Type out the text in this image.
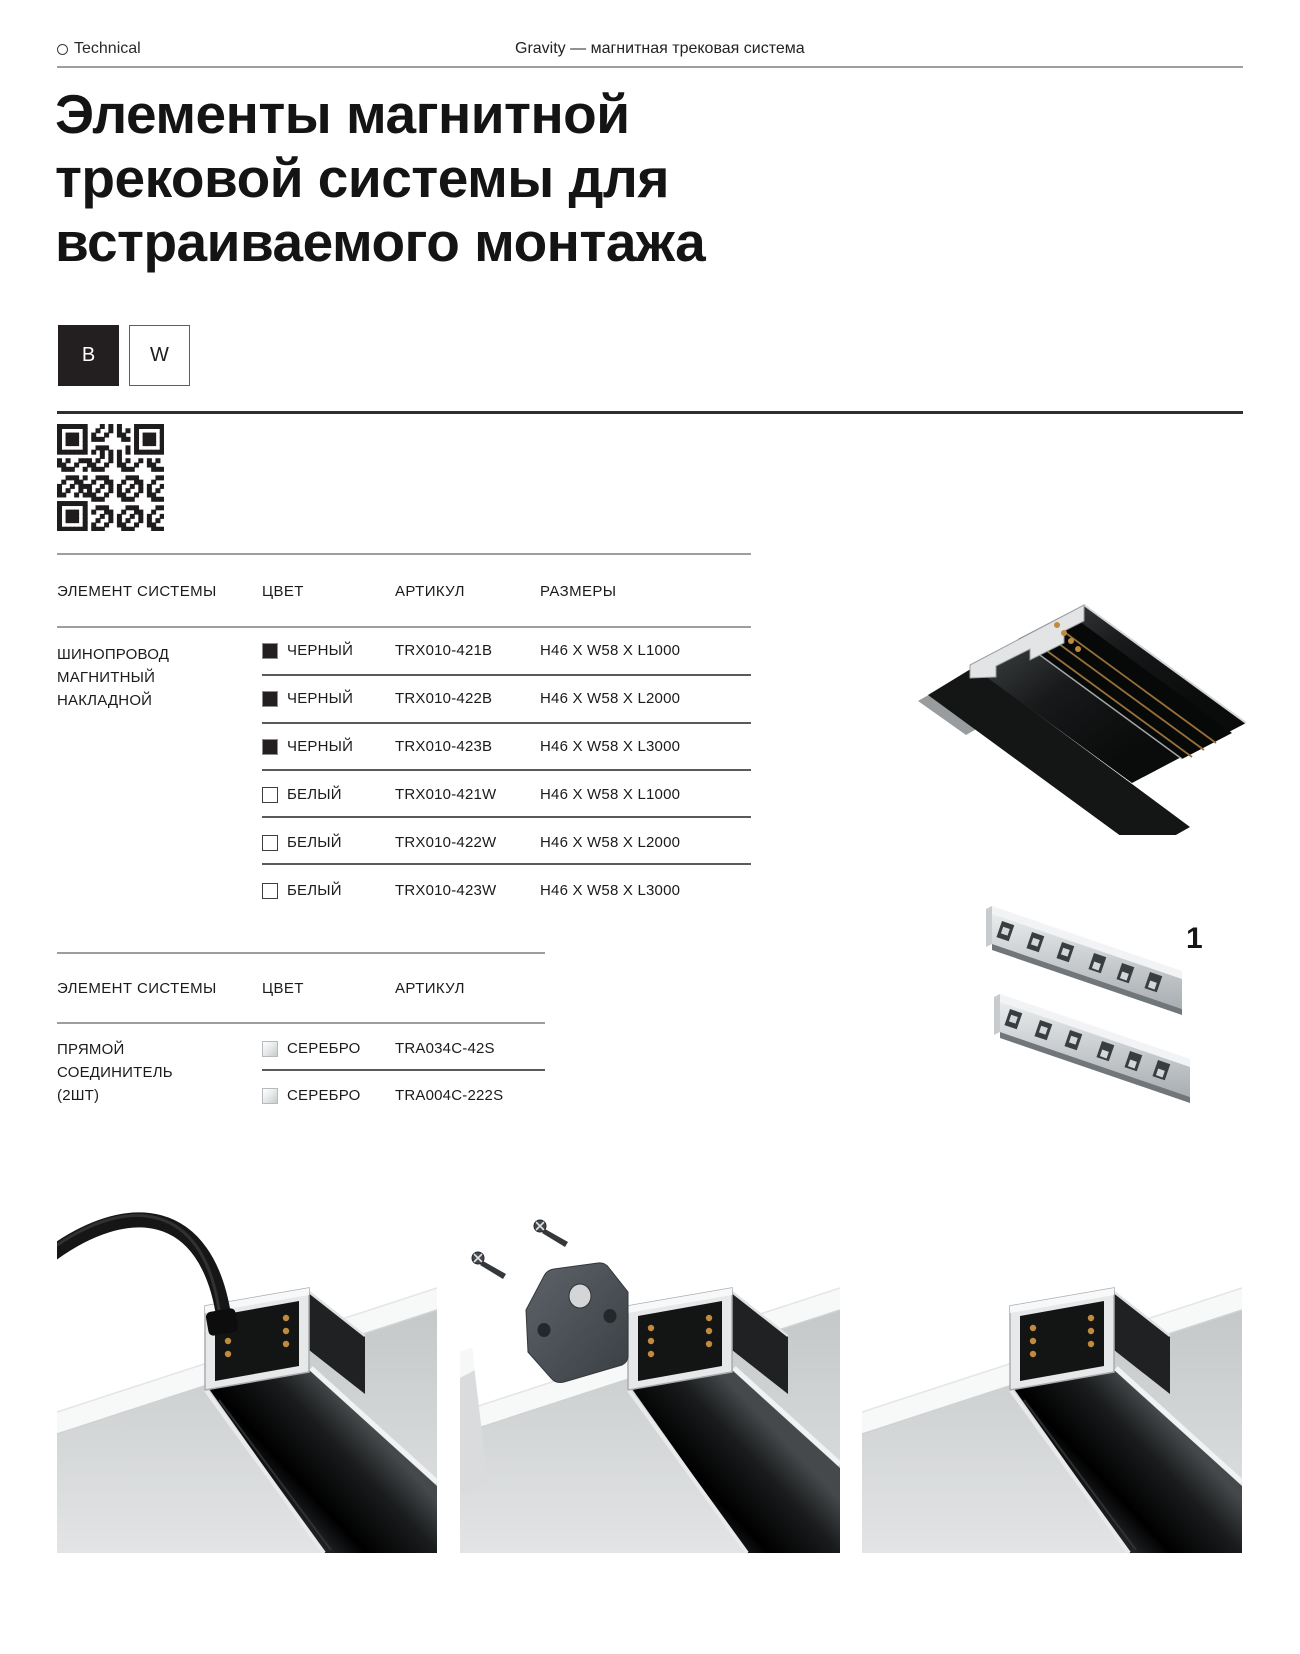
Technical	Gravity — магнитная трековая система
Элементы магнитной
трековой системы для
встраиваемого монтажа
B	W
ЭЛЕМЕНТ СИСТЕМЫ	ЦВЕТ	АРТИКУЛ	РАЗМЕРЫ
ШИНОПРОВОД
МАГНИТНЫЙ
НАКЛАДНОЙ
ЧЕРНЫЙ	TRX010-421B	H46 X W58 X L1000
ЧЕРНЫЙ	TRX010-422B	H46 X W58 X L2000
ЧЕРНЫЙ	TRX010-423B	H46 X W58 X L3000
БЕЛЫЙ	TRX010-421W	H46 X W58 X L1000
БЕЛЫЙ	TRX010-422W	H46 X W58 X L2000
БЕЛЫЙ	TRX010-423W	H46 X W58 X L3000
ЭЛЕМЕНТ СИСТЕМЫ	ЦВЕТ	АРТИКУЛ
ПРЯМОЙ
СОЕДИНИТЕЛЬ
(2ШТ)
СЕРЕБРО TRA034C-42S
СЕРЕБРО TRA004C-222S
1
